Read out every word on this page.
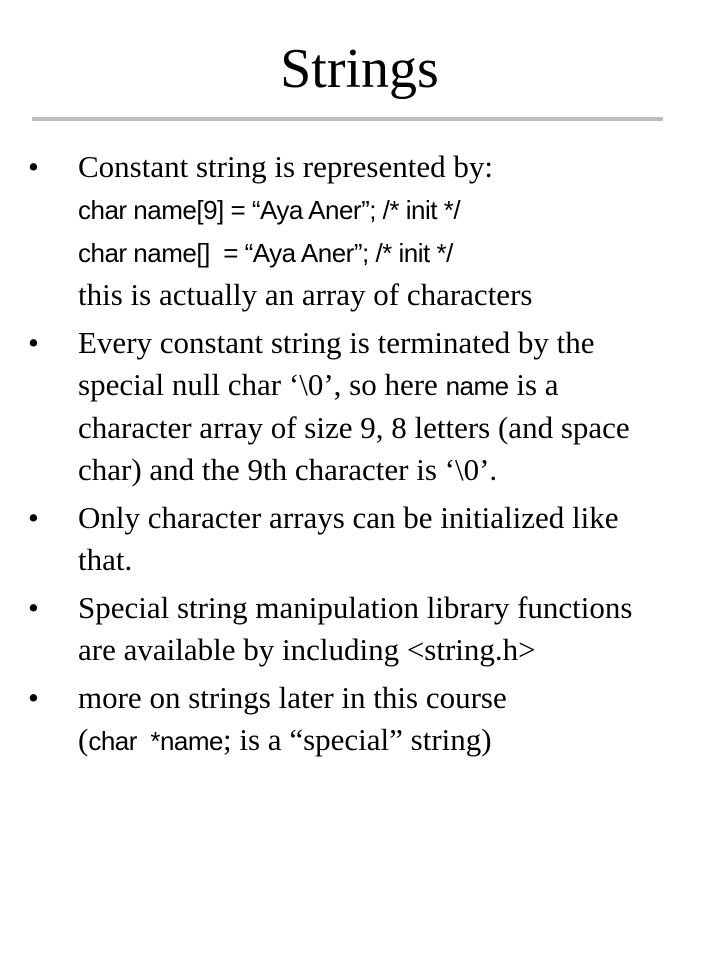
Strings
• Constant string is represented by:
char name[9] = “Aya Aner”; /* init */
char name[]  = “Aya Aner”; /* init */
this is actually an array of characters
• Every constant string is terminated by the special null char ‘\0’, so here name is a character array of size 9, 8 letters (and space char) and the 9th character is ‘\0’.
• Only character arrays can be initialized like that.
• Special string manipulation library functions are available by including <string.h>
• more on strings later in this course
(char  *name; is a “special” string)
